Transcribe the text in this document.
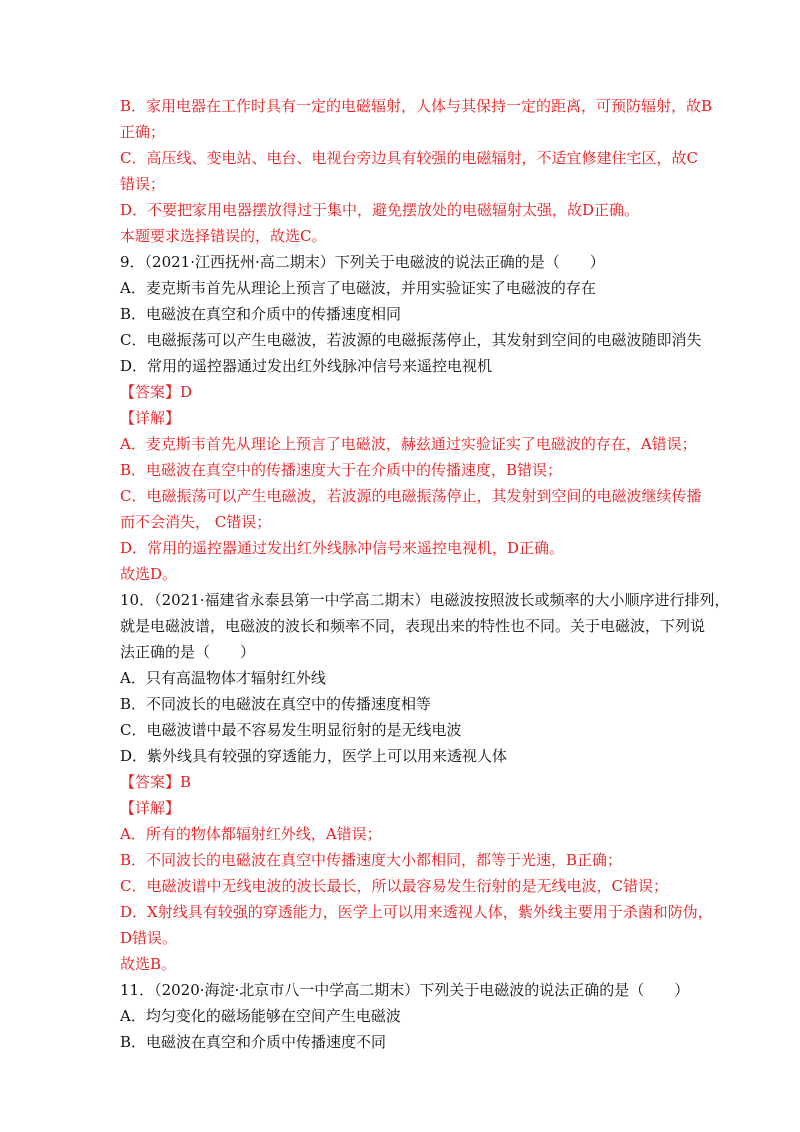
B．家用电器在工作时具有一定的电磁辐射，人体与其保持一定的距离，可预防辐射，故B
正确；
C．高压线、变电站、电台、电视台旁边具有较强的电磁辐射，不适宜修建住宅区，故C
错误；
D．不要把家用电器摆放得过于集中，避免摆放处的电磁辐射太强，故D正确。
本题要求选择错误的，故选C。
9．（2021·江西抚州·高二期末）下列关于电磁波的说法正确的是（　　）
A．麦克斯韦首先从理论上预言了电磁波，并用实验证实了电磁波的存在
B．电磁波在真空和介质中的传播速度相同
C．电磁振荡可以产生电磁波，若波源的电磁振荡停止，其发射到空间的电磁波随即消失
D．常用的遥控器通过发出红外线脉冲信号来遥控电视机
【答案】D
【详解】
A．麦克斯韦首先从理论上预言了电磁波，赫兹通过实验证实了电磁波的存在，A错误；
B．电磁波在真空中的传播速度大于在介质中的传播速度，B错误；
C．电磁振荡可以产生电磁波，若波源的电磁振荡停止，其发射到空间的电磁波继续传播
而不会消失， C错误；
D．常用的遥控器通过发出红外线脉冲信号来遥控电视机，D正确。
故选D。
10．（2021·福建省永泰县第一中学高二期末）电磁波按照波长或频率的大小顺序进行排列，
就是电磁波谱，电磁波的波长和频率不同，表现出来的特性也不同。关于电磁波，下列说
法正确的是（　　）
A．只有高温物体才辐射红外线
B．不同波长的电磁波在真空中的传播速度相等
C．电磁波谱中最不容易发生明显衍射的是无线电波
D．紫外线具有较强的穿透能力，医学上可以用来透视人体
【答案】B
【详解】
A．所有的物体都辐射红外线，A错误；
B．不同波长的电磁波在真空中传播速度大小都相同，都等于光速，B正确；
C．电磁波谱中无线电波的波长最长，所以最容易发生衍射的是无线电波，C错误；
D．X射线具有较强的穿透能力，医学上可以用来透视人体，紫外线主要用于杀菌和防伪，
D错误。
故选B。
11．（2020·海淀·北京市八一中学高二期末）下列关于电磁波的说法正确的是（　　）
A．均匀变化的磁场能够在空间产生电磁波
B．电磁波在真空和介质中传播速度不同
